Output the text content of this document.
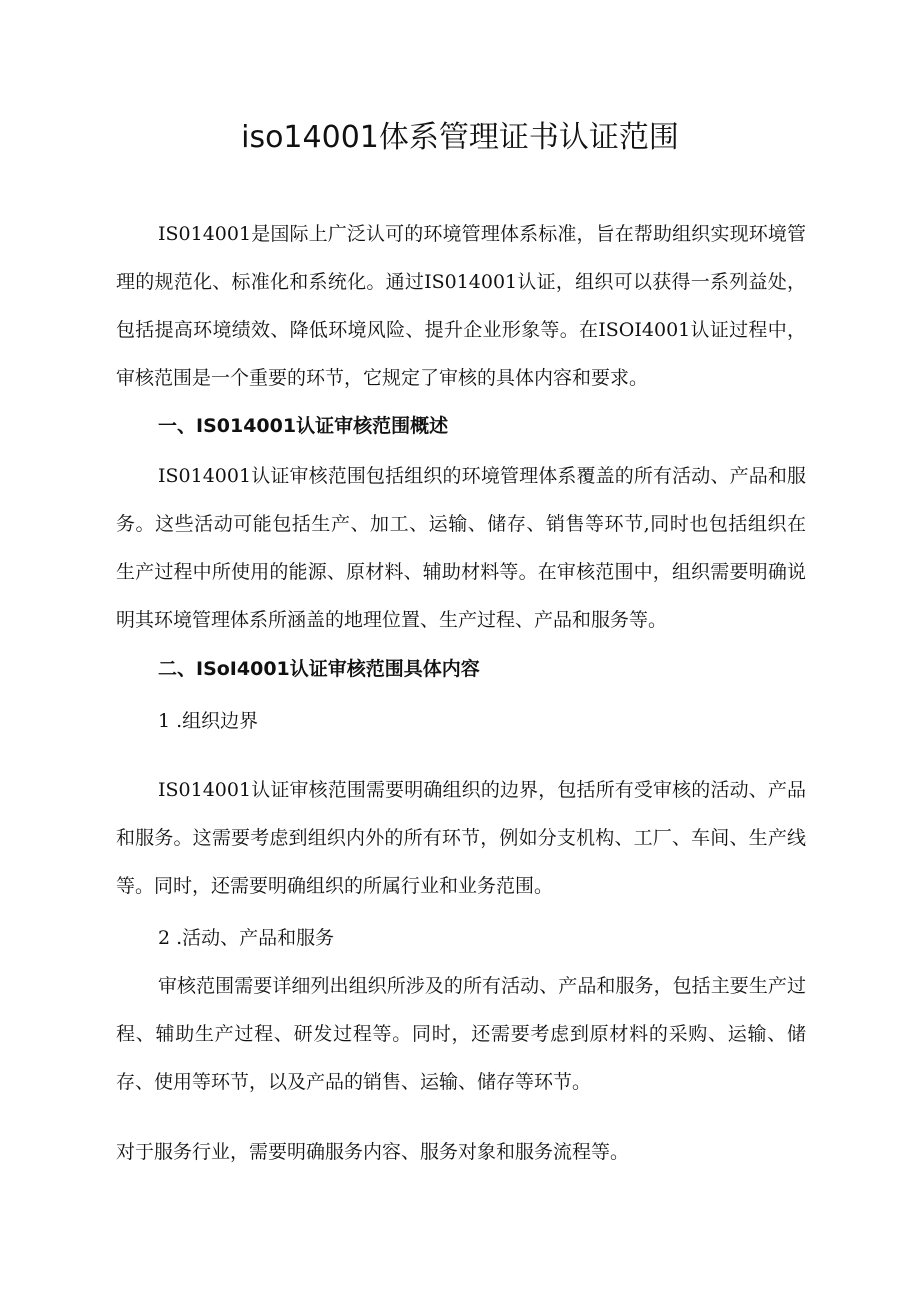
iso14001体系管理证书认证范围

IS014001是国际上广泛认可的环境管理体系标准，旨在帮助组织实现环境管理的规范化、标准化和系统化。通过IS014001认证，组织可以获得一系列益处，包括提高环境绩效、降低环境风险、提升企业形象等。在ISOI4001认证过程中，审核范围是一个重要的环节，它规定了审核的具体内容和要求。

一、IS014001认证审核范围概述

IS014001认证审核范围包括组织的环境管理体系覆盖的所有活动、产品和服务。这些活动可能包括生产、加工、运输、储存、销售等环节,同时也包括组织在生产过程中所使用的能源、原材料、辅助材料等。在审核范围中，组织需要明确说明其环境管理体系所涵盖的地理位置、生产过程、产品和服务等。

二、ISoI4001认证审核范围具体内容

1 .组织边界

IS014001认证审核范围需要明确组织的边界，包括所有受审核的活动、产品和服务。这需要考虑到组织内外的所有环节，例如分支机构、工厂、车间、生产线等。同时，还需要明确组织的所属行业和业务范围。

2 .活动、产品和服务

审核范围需要详细列出组织所涉及的所有活动、产品和服务，包括主要生产过程、辅助生产过程、研发过程等。同时，还需要考虑到原材料的采购、运输、储存、使用等环节，以及产品的销售、运输、储存等环节。

对于服务行业，需要明确服务内容、服务对象和服务流程等。
